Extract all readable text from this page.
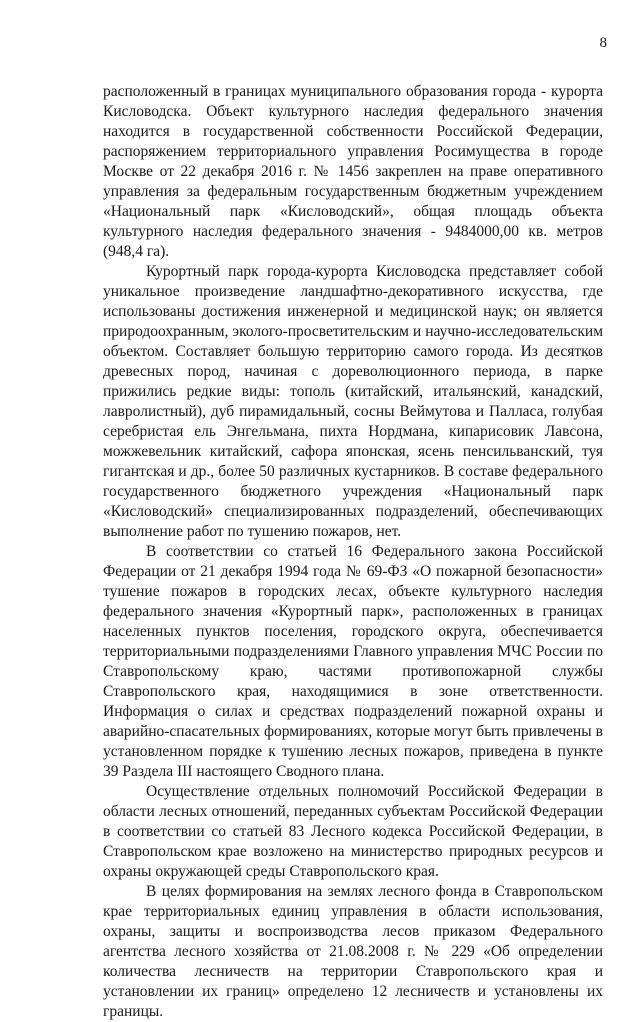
8

расположенный в границах муниципального образования города - курорта Кисловодска. Объект культурного наследия федерального значения находится в государственной собственности Российской Федерации, распоряжением территориального управления Росимущества в городе Москве от 22 декабря 2016 г. № 1456 закреплен на праве оперативного управления за федеральным государственным бюджетным учреждением «Национальный парк «Кисловодский», общая площадь объекта культурного наследия федерального значения - 9484000,00 кв. метров (948,4 га).

Курортный парк города-курорта Кисловодска представляет собой уникальное произведение ландшафтно-декоративного искусства, где использованы достижения инженерной и медицинской наук; он является природоохранным, эколого-просветительским и научно-исследовательским объектом. Составляет большую территорию самого города. Из десятков древесных пород, начиная с дореволюционного периода, в парке прижились редкие виды: тополь (китайский, итальянский, канадский, лавролистный), дуб пирамидальный, сосны Веймутова и Палласа, голубая серебристая ель Энгельмана, пихта Нордмана, кипарисовик Лавсона, можжевельник китайский, сафора японская, ясень пенсильванский, туя гигантская и др., более 50 различных кустарников. В составе федерального государственного бюджетного учреждения «Национальный парк «Кисловодский» специализированных подразделений, обеспечивающих выполнение работ по тушению пожаров, нет.

В соответствии со статьей 16 Федерального закона Российской Федерации от 21 декабря 1994 года № 69-ФЗ «О пожарной безопасности» тушение пожаров в городских лесах, объекте культурного наследия федерального значения «Курортный парк», расположенных в границах населенных пунктов поселения, городского округа, обеспечивается территориальными подразделениями Главного управления МЧС России по Ставропольскому краю, частями противопожарной службы Ставропольского края, находящимися в зоне ответственности. Информация о силах и средствах подразделений пожарной охраны и аварийно-спасательных формированиях, которые могут быть привлечены в установленном порядке к тушению лесных пожаров, приведена в пункте 39 Раздела III настоящего Сводного плана.

Осуществление отдельных полномочий Российской Федерации в области лесных отношений, переданных субъектам Российской Федерации в соответствии со статьей 83 Лесного кодекса Российской Федерации, в Ставропольском крае возложено на министерство природных ресурсов и охраны окружающей среды Ставропольского края.

В целях формирования на землях лесного фонда в Ставропольском крае территориальных единиц управления в области использования, охраны, защиты и воспроизводства лесов приказом Федерального агентства лесного хозяйства от 21.08.2008 г. № 229 «Об определении количества лесничеств на территории Ставропольского края и установлении их границ» определено 12 лесничеств и установлены их границы.
